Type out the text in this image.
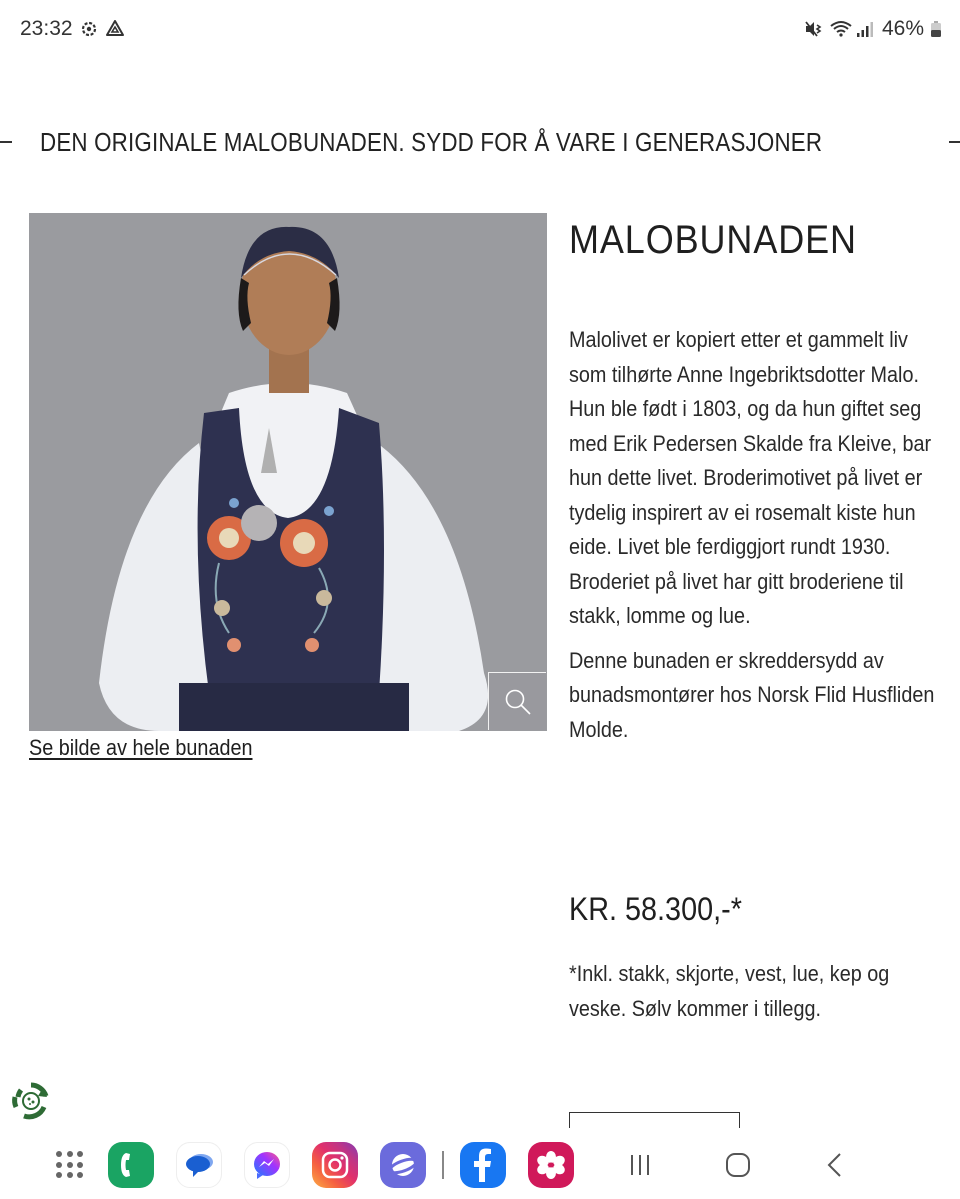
23:32	46%
DEN ORIGINALE MALOBUNADEN. SYDD FOR Å VARE I GENERASJONER
Se bilde av hele bunaden
MALOBUNADEN

Malolivet er kopiert etter et gammelt liv som tilhørte Anne Ingebriktsdotter Malo. Hun ble født i 1803, og da hun giftet seg med Erik Pedersen Skalde fra Kleive, bar hun dette livet. Broderimotivet på livet er tydelig inspirert av ei rosemalt kiste hun eide. Livet ble ferdiggjort rundt 1930. Broderiet på livet har gitt broderiene til stakk, lomme og lue.

Denne bunaden er skreddersydd av bunadsmontører hos Norsk Flid Husfliden Molde.

KR. 58.300,-*
*Inkl. stakk, skjorte, vest, lue, kep og veske. Sølv kommer i tillegg.
